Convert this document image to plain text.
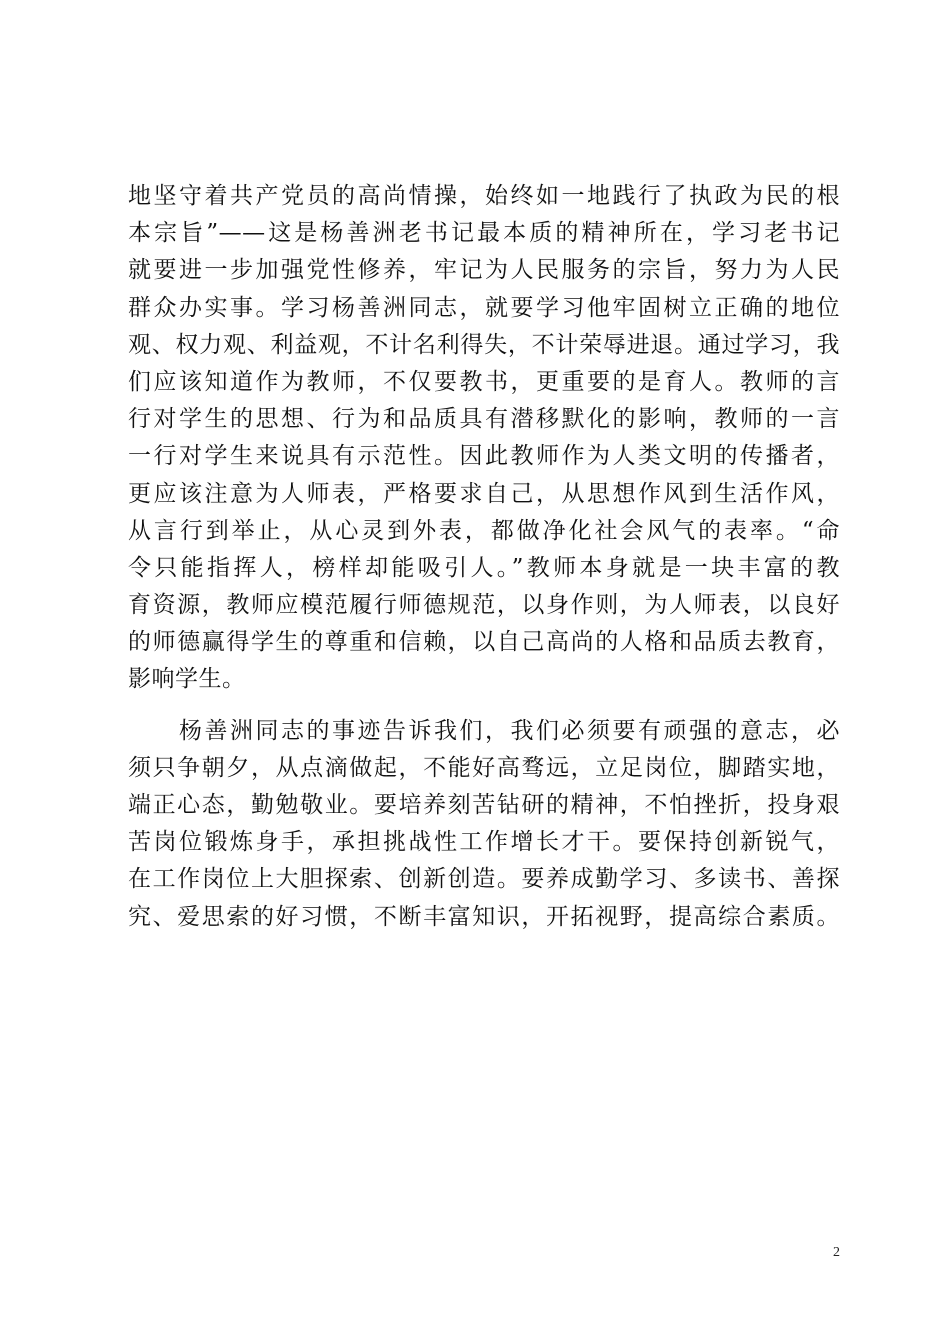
地坚守着共产党员的高尚情操，始终如一地践行了执政为民的根
本宗旨”——这是杨善洲老书记最本质的精神所在，学习老书记
就要进一步加强党性修养，牢记为人民服务的宗旨，努力为人民
群众办实事。学习杨善洲同志，就要学习他牢固树立正确的地位
观、权力观、利益观，不计名利得失，不计荣辱进退。通过学习，我
们应该知道作为教师，不仅要教书，更重要的是育人。教师的言
行对学生的思想、行为和品质具有潜移默化的影响，教师的一言
一行对学生来说具有示范性。因此教师作为人类文明的传播者，
更应该注意为人师表，严格要求自己，从思想作风到生活作风，
从言行到举止，从心灵到外表，都做净化社会风气的表率。“命
令只能指挥人，榜样却能吸引人。”教师本身就是一块丰富的教
育资源，教师应模范履行师德规范，以身作则，为人师表，以良好
的师德赢得学生的尊重和信赖，以自己高尚的人格和品质去教育，
影响学生。
　　杨善洲同志的事迹告诉我们，我们必须要有顽强的意志，必
须只争朝夕，从点滴做起，不能好高骛远，立足岗位，脚踏实地，
端正心态，勤勉敬业。要培养刻苦钻研的精神，不怕挫折，投身艰
苦岗位锻炼身手，承担挑战性工作增长才干。要保持创新锐气，
在工作岗位上大胆探索、创新创造。要养成勤学习、多读书、善探
究、爱思索的好习惯，不断丰富知识，开拓视野，提高综合素质。
2
